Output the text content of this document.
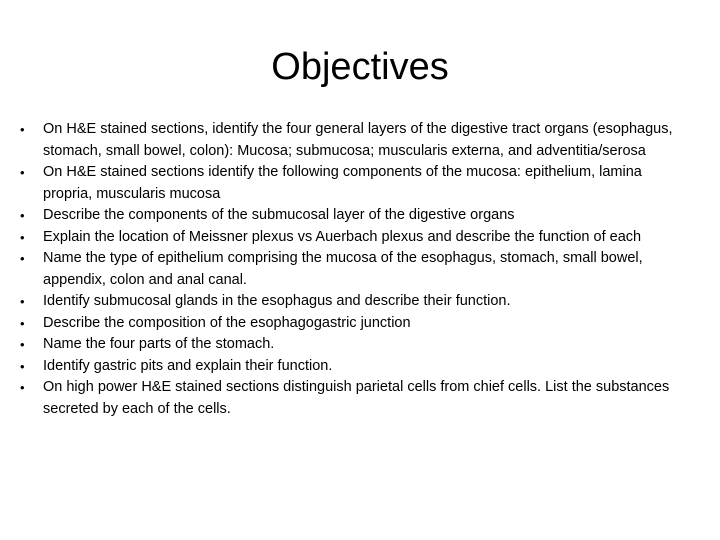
Objectives
• On H&E stained sections, identify the four general layers of the digestive tract organs (esophagus, stomach, small bowel, colon): Mucosa; submucosa; muscularis externa, and adventitia/serosa
• On H&E stained sections identify the following components of the mucosa: epithelium, lamina propria, muscularis mucosa
• Describe the components of the submucosal layer of the digestive organs
• Explain the location of Meissner plexus vs Auerbach plexus and describe the function of each
• Name the type of epithelium comprising the mucosa of the esophagus, stomach, small bowel, appendix, colon and anal canal.
• Identify submucosal glands in the esophagus and describe their function.
• Describe the composition of the esophagogastric junction
• Name the four parts of the stomach.
• Identify gastric pits and explain their function.
• On high power H&E stained sections distinguish parietal cells from chief cells. List the substances secreted by each of the cells.
